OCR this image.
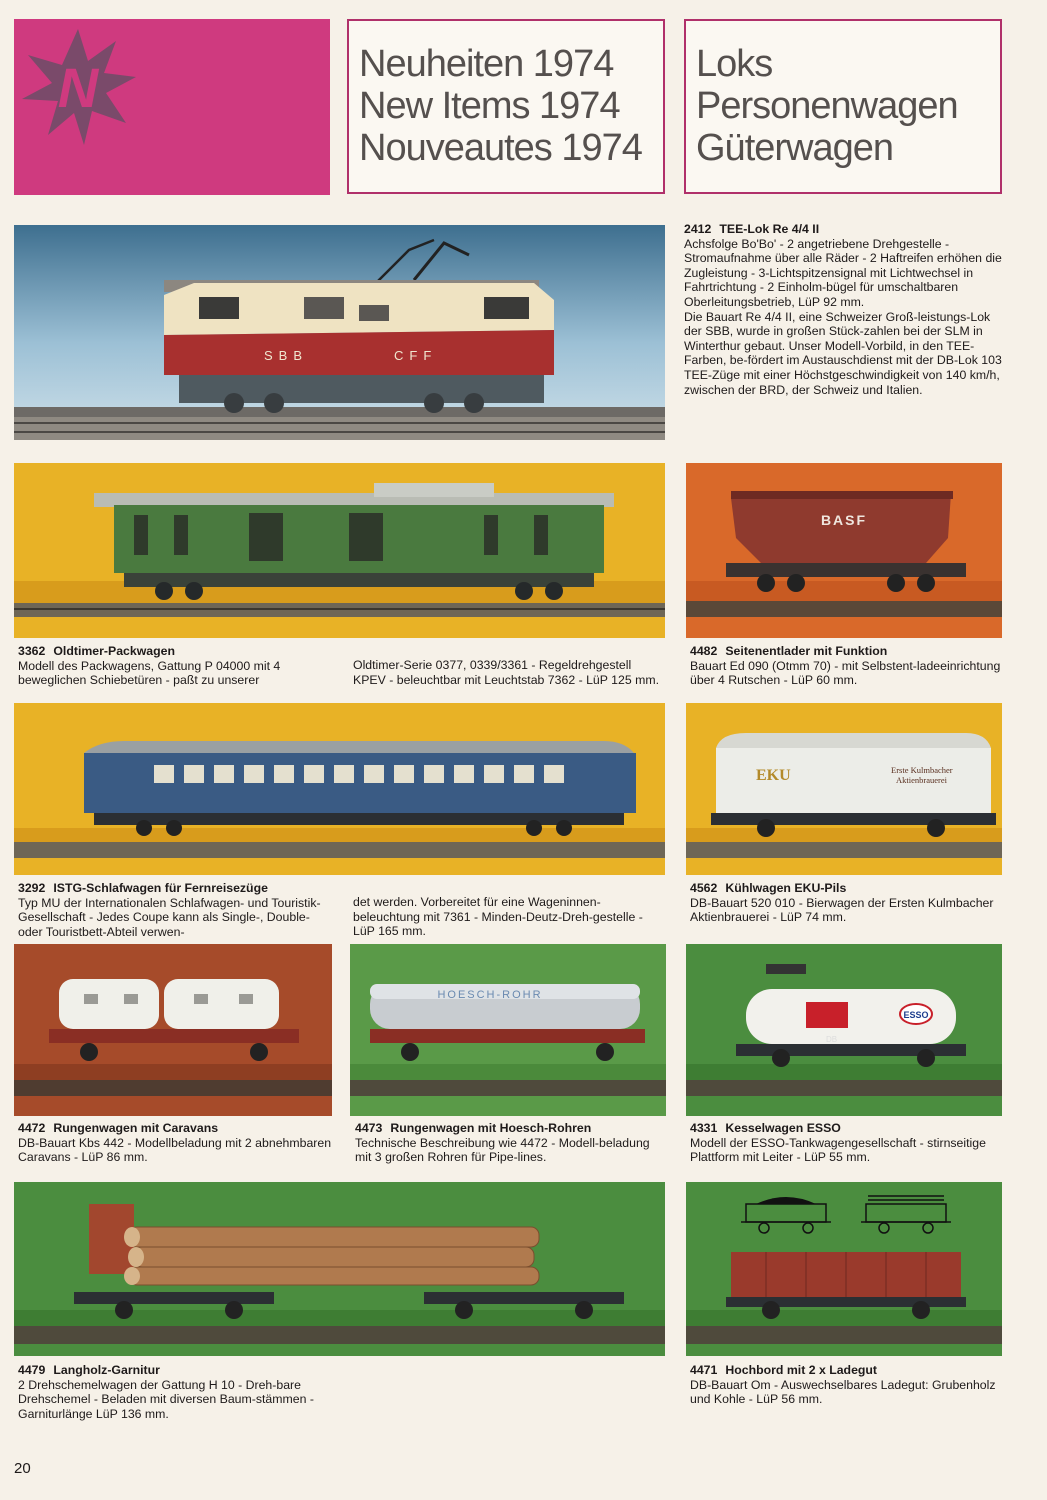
N	Neuheiten 1974
New Items 1974
Nouveautes 1974
Loks
Personenwagen
Güterwagen
SBB	CFF
2412 TEE-Lok Re 4/4 II
Achsfolge Bo'Bo' - 2 angetriebene Drehgestelle - Stromaufnahme über alle Räder - 2 Haftreifen erhöhen die Zugleistung - 3-Lichtspitzensignal mit Lichtwechsel in Fahrtrichtung - 2 Einholm-bügel für umschaltbaren Oberleitungsbetrieb, LüP 92 mm.
Die Bauart Re 4/4 II, eine Schweizer Groß-leistungs-Lok der SBB, wurde in großen Stück-zahlen bei der SLM in Winterthur gebaut. Unser Modell-Vorbild, in den TEE-Farben, be-fördert im Austauschdienst mit der DB-Lok 103 TEE-Züge mit einer Höchstgeschwindigkeit von 140 km/h, zwischen der BRD, der Schweiz und Italien.
3362 Oldtimer-Packwagen
Modell des Packwagens, Gattung P 04000 mit 4 beweglichen Schiebetüren - paßt zu unserer
Oldtimer-Serie 0377, 0339/3361 - Regeldrehgestell KPEV - beleuchtbar mit Leuchtstab 7362 - LüP 125 mm.
BASF
4482 Seitenentlader mit Funktion
Bauart Ed 090 (Otmm 70) - mit Selbstent-ladeeinrichtung über 4 Rutschen - LüP 60 mm.
3292 ISTG-Schlafwagen für Fernreisezüge
Typ MU der Internationalen Schlafwagen- und Touristik-Gesellschaft - Jedes Coupe kann als Single-, Double- oder Touristbett-Abteil verwen-
det werden. Vorbereitet für eine Wageninnen-beleuchtung mit 7361 - Minden-Deutz-Dreh-gestelle - LüP 165 mm.
EKU	Erste Kulmbacher
Aktienbrauerei
4562 Kühlwagen EKU-Pils
DB-Bauart 520 010 - Bierwagen der Ersten Kulmbacher Aktienbrauerei - LüP 74 mm.
4472 Rungenwagen mit Caravans
DB-Bauart Kbs 442 - Modellbeladung mit 2 abnehmbaren Caravans - LüP 86 mm.
HOESCH-ROHR
4473 Rungenwagen mit Hoesch-Rohren
Technische Beschreibung wie 4472 - Modell-beladung mit 3 großen Rohren für Pipe-lines.
ESSO
DB
4331 Kesselwagen ESSO
Modell der ESSO-Tankwagengesellschaft - stirnseitige Plattform mit Leiter - LüP 55 mm.
4479 Langholz-Garnitur
2 Drehschemelwagen der Gattung H 10 - Dreh-bare Drehschemel - Beladen mit diversen Baum-stämmen - Garniturlänge LüP 136 mm.
4471 Hochbord mit 2 x Ladegut
DB-Bauart Om - Auswechselbares Ladegut: Grubenholz und Kohle - LüP 56 mm.
20
